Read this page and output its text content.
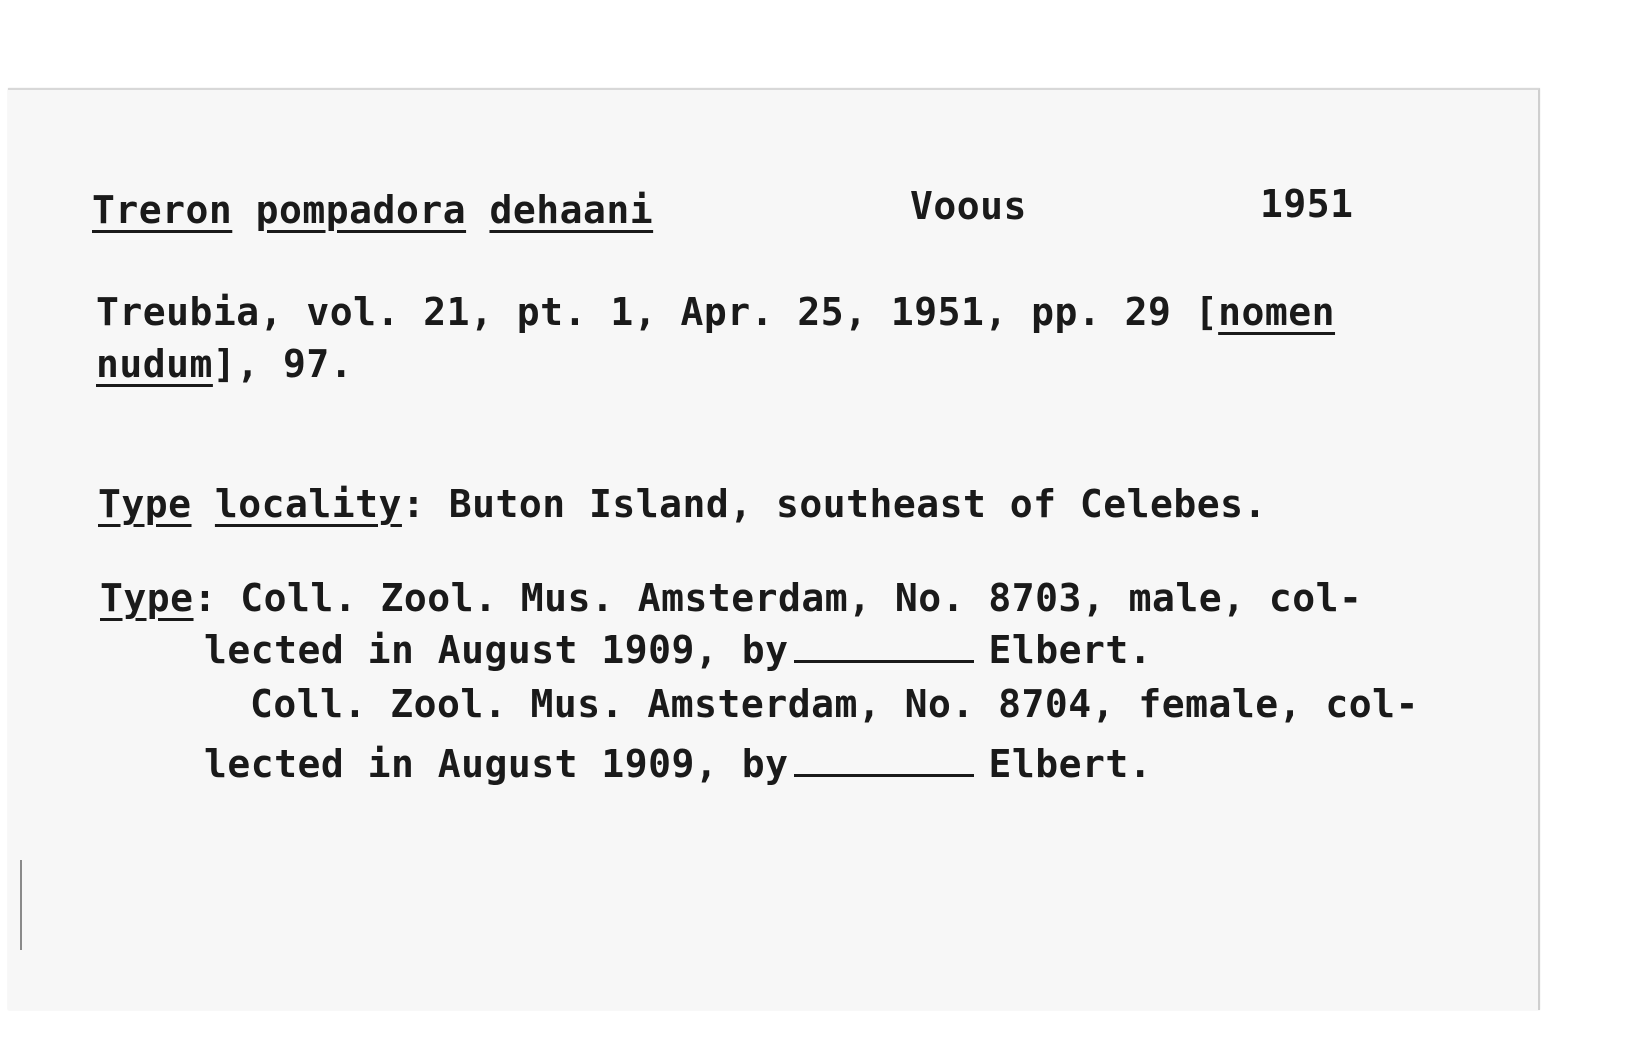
Treron pompadora dehaani	Voous	1951
Treubia, vol. 21, pt. 1, Apr. 25, 1951, pp. 29 [nomen
nudum], 97.
Type locality: Buton Island, southeast of Celebes.
Type: Coll. Zool. Mus. Amsterdam, No. 8703, male, col-
lected in August 1909, by	Elbert.
Coll. Zool. Mus. Amsterdam, No. 8704, female, col-
lected in August 1909, by	Elbert.
